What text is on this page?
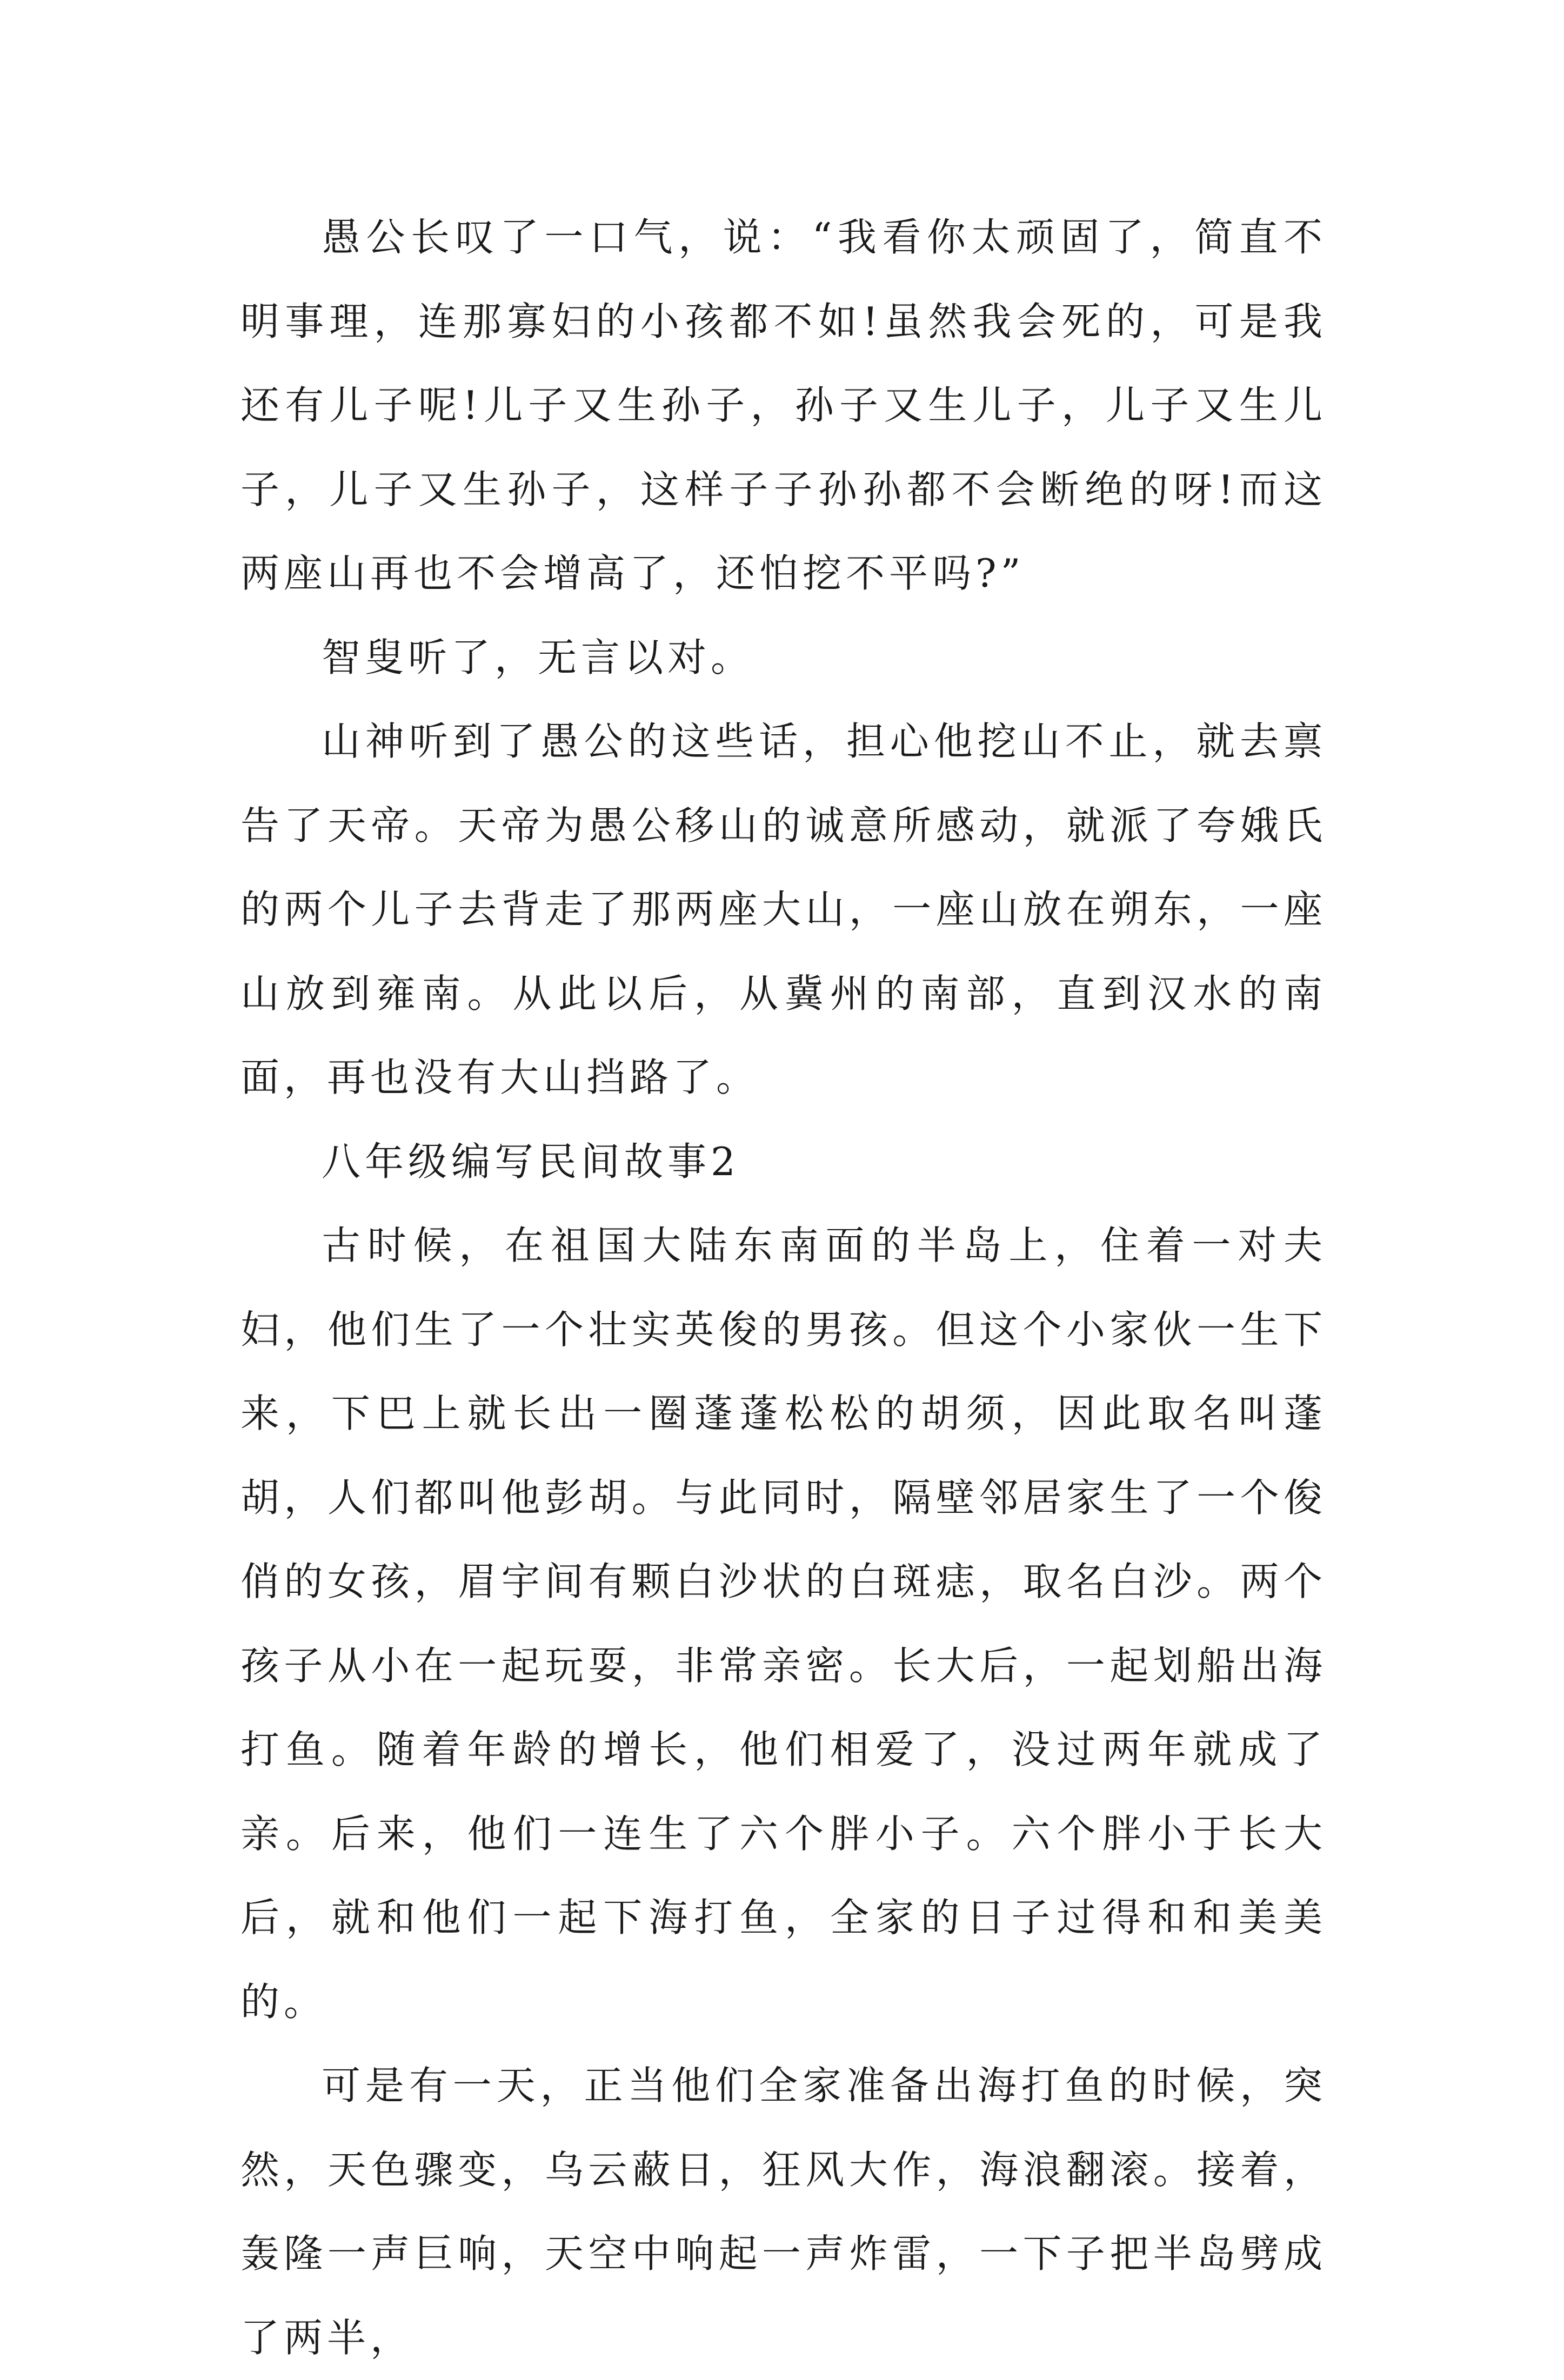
愚公长叹了一口气，说：“我看你太顽固了，简直不明事理，连那寡妇的小孩都不如!虽然我会死的，可是我还有儿子呢!儿子又生孙子，孙子又生儿子，儿子又生儿子，儿子又生孙子，这样子子孙孙都不会断绝的呀!而这两座山再也不会增高了，还怕挖不平吗?”

智叟听了，无言以对。

山神听到了愚公的这些话，担心他挖山不止，就去禀告了天帝。天帝为愚公移山的诚意所感动，就派了夸娥氏的两个儿子去背走了那两座大山，一座山放在朔东，一座山放到雍南。从此以后，从冀州的南部，直到汉水的南面，再也没有大山挡路了。

八年级编写民间故事2

古时候，在祖国大陆东南面的半岛上，住着一对夫妇，他们生了一个壮实英俊的男孩。但这个小家伙一生下来，下巴上就长出一圈蓬蓬松松的胡须，因此取名叫蓬胡，人们都叫他彭胡。与此同时，隔壁邻居家生了一个俊俏的女孩，眉宇间有颗白沙状的白斑痣，取名白沙。两个孩子从小在一起玩耍，非常亲密。长大后，一起划船出海打鱼。随着年龄的增长，他们相爱了，没过两年就成了亲。后来，他们一连生了六个胖小子。六个胖小于长大后，就和他们一起下海打鱼，全家的日子过得和和美美的。

可是有一天，正当他们全家准备出海打鱼的时候，突然，天色骤变，乌云蔽日，狂风大作，海浪翻滚。接着，轰隆一声巨响，天空中响起一声炸雷，一下子把半岛劈成了两半，
